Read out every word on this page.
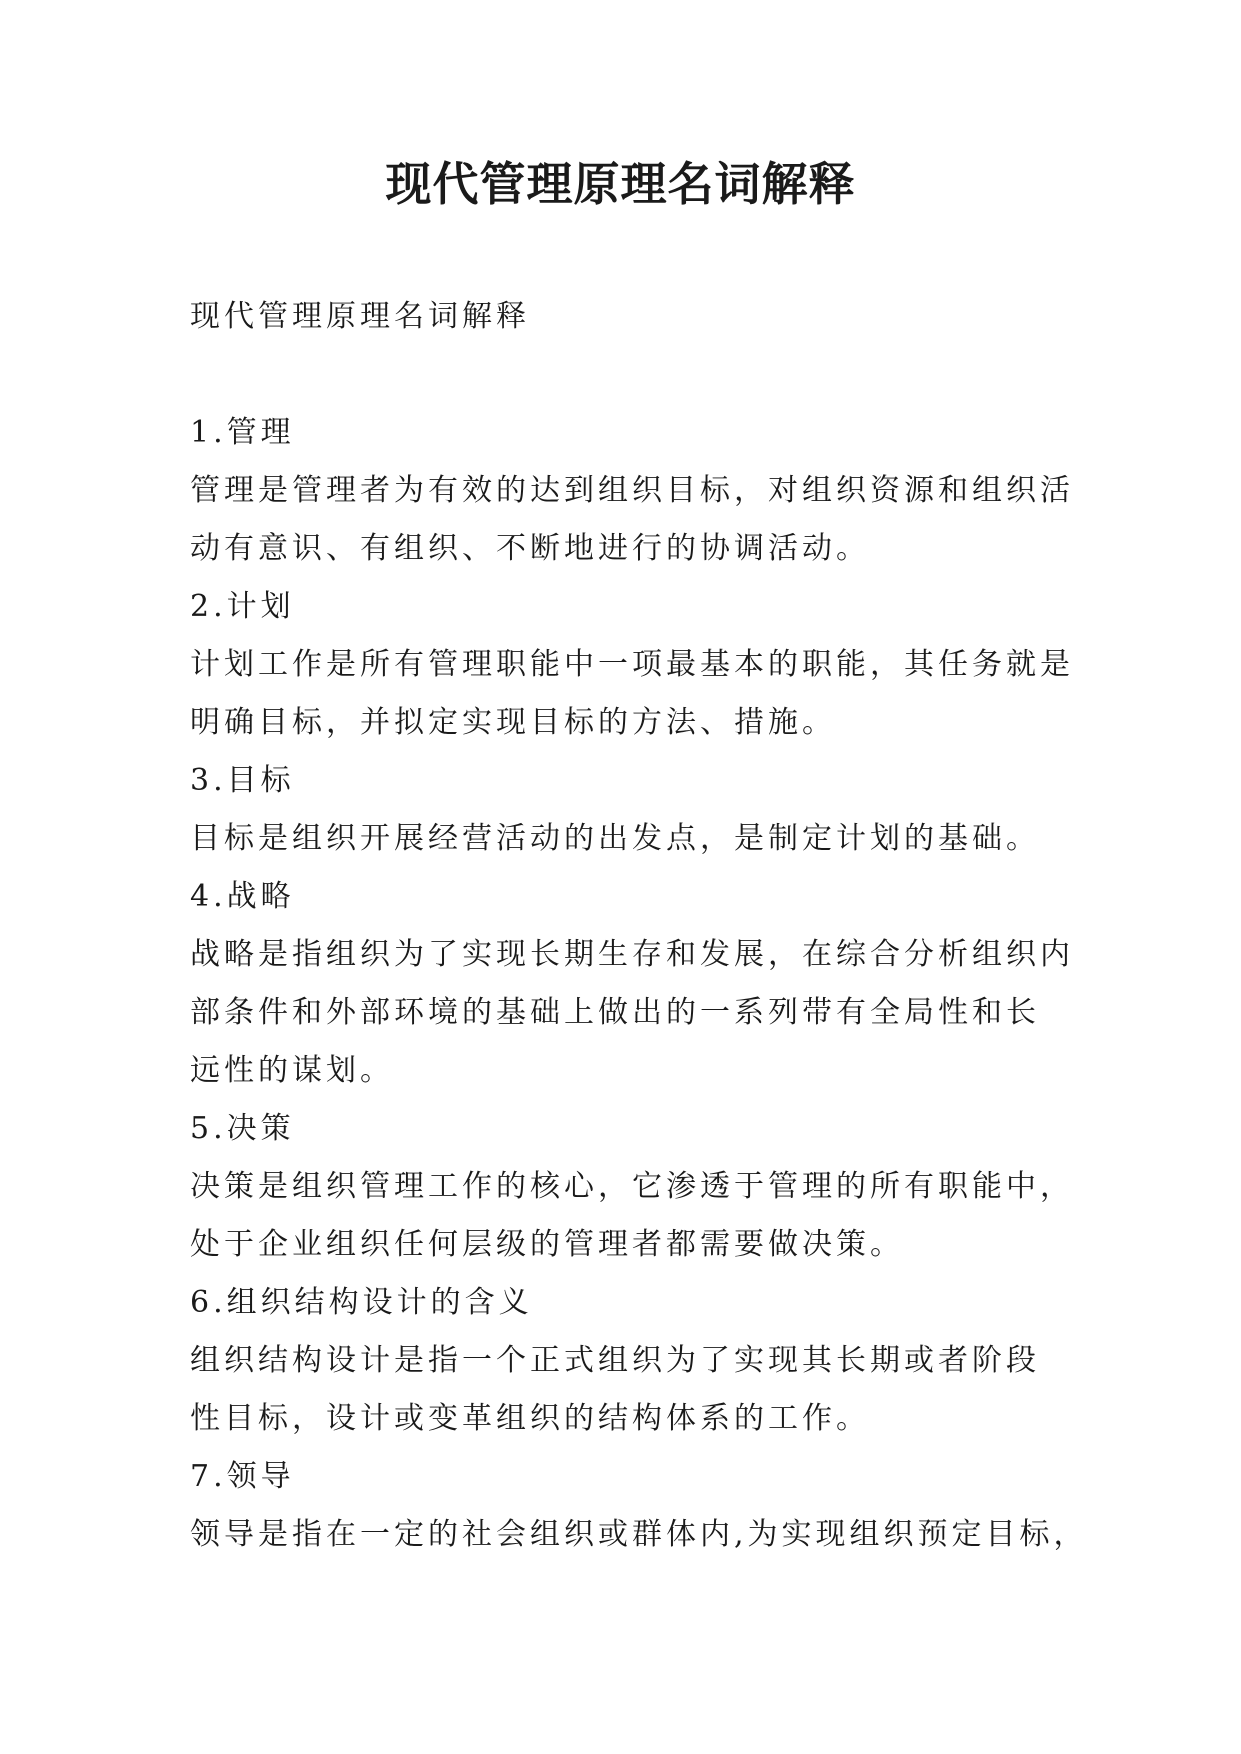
现代管理原理名词解释

现代管理原理名词解释

1.管理

管理是管理者为有效的达到组织目标，对组织资源和组织活
动有意识、有组织、不断地进行的协调活动。

2.计划

计划工作是所有管理职能中一项最基本的职能，其任务就是
明确目标，并拟定实现目标的方法、措施。

3.目标

目标是组织开展经营活动的出发点，是制定计划的基础。

4.战略

战略是指组织为了实现长期生存和发展，在综合分析组织内
部条件和外部环境的基础上做出的一系列带有全局性和长
远性的谋划。

5.决策

决策是组织管理工作的核心，它渗透于管理的所有职能中，
处于企业组织任何层级的管理者都需要做决策。

6.组织结构设计的含义

组织结构设计是指一个正式组织为了实现其长期或者阶段
性目标，设计或变革组织的结构体系的工作。

7.领导

领导是指在一定的社会组织或群体内,为实现组织预定目标，
